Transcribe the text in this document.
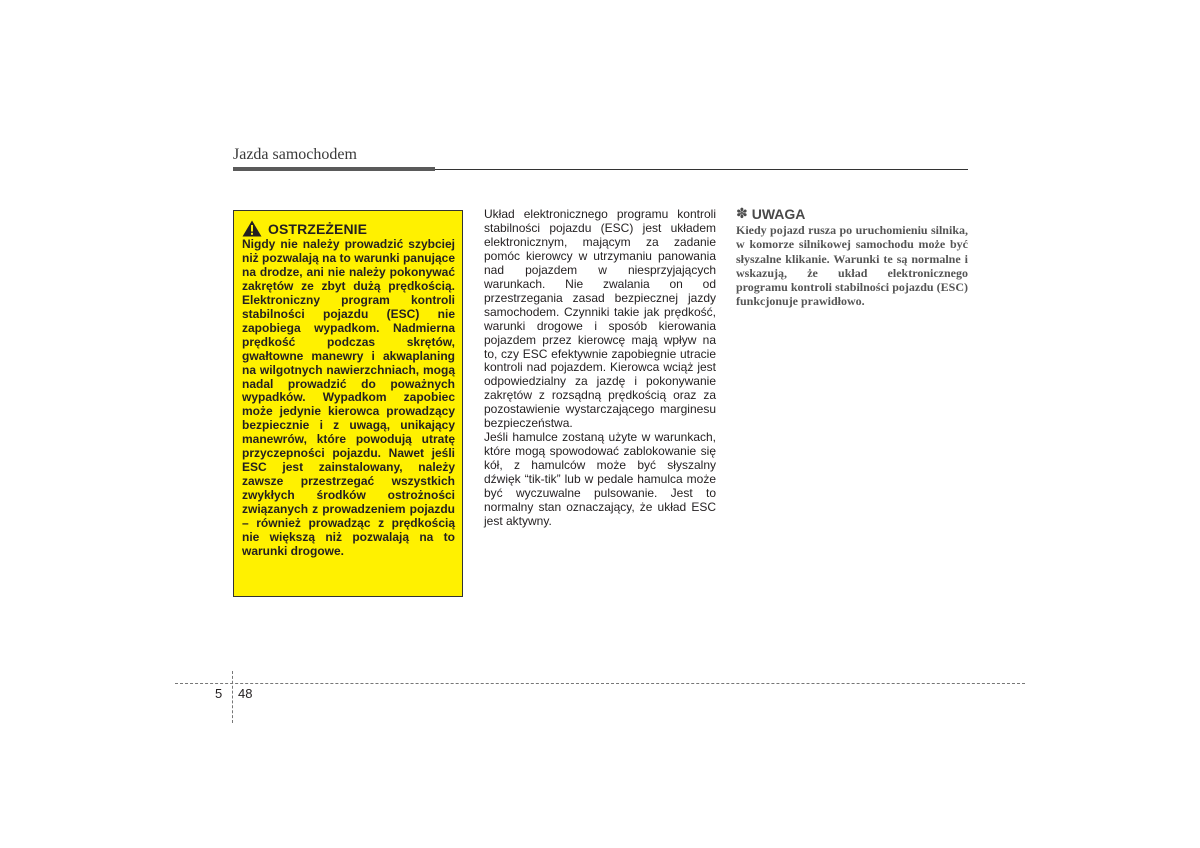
Jazda samochodem
OSTRZEŻENIE

Nigdy nie należy prowadzić szybciej niż pozwalają na to warunki panujące na drodze, ani nie należy pokonywać zakrętów ze zbyt dużą prędkością. Elektroniczny program kontroli stabilności pojazdu (ESC) nie zapobiega wypadkom. Nadmierna prędkość podczas skrętów, gwałtowne manewry i akwaplaning na wilgotnych nawierzchniach, mogą nadal prowadzić do poważnych wypadków. Wypadkom zapobiec może jedynie kierowca prowadzący bezpiecznie i z uwagą, unikający manewrów, które powodują utratę przyczepności pojazdu. Nawet jeśli ESC jest zainstalowany, należy zawsze przestrzegać wszystkich zwykłych środków ostrożności związanych z prowadzeniem pojazdu – również prowadząc z prędkością nie większą niż pozwalają na to warunki drogowe.

Układ elektronicznego programu kontroli stabilności pojazdu (ESC) jest układem elektronicznym, mającym za zadanie pomóc kierowcy w utrzymaniu panowania nad pojazdem w niesprzyjających warunkach. Nie zwalania on od przestrzegania zasad bezpiecznej jazdy samochodem. Czynniki takie jak prędkość, warunki drogowe i sposób kierowania pojazdem przez kierowcę mają wpływ na to, czy ESC efektywnie zapobiegnie utracie kontroli nad pojazdem. Kierowca wciąż jest odpowiedzialny za jazdę i pokonywanie zakrętów z rozsądną prędkością oraz za pozostawienie wystarczającego marginesu bezpieczeństwa.

Jeśli hamulce zostaną użyte w warunkach, które mogą spowodować zablokowanie się kół, z hamulców może być słyszalny dźwięk “tik-tik” lub w pedale hamulca może być wyczuwalne pulsowanie. Jest to normalny stan oznaczający, że układ ESC jest aktywny.

✽ UWAGA

Kiedy pojazd rusza po uruchomieniu silnika, w komorze silnikowej samochodu może być słyszalne klikanie. Warunki te są normalne i wskazują, że układ elektronicznego programu kontroli stabilności pojazdu (ESC) funkcjonuje prawidłowo.

5 48
